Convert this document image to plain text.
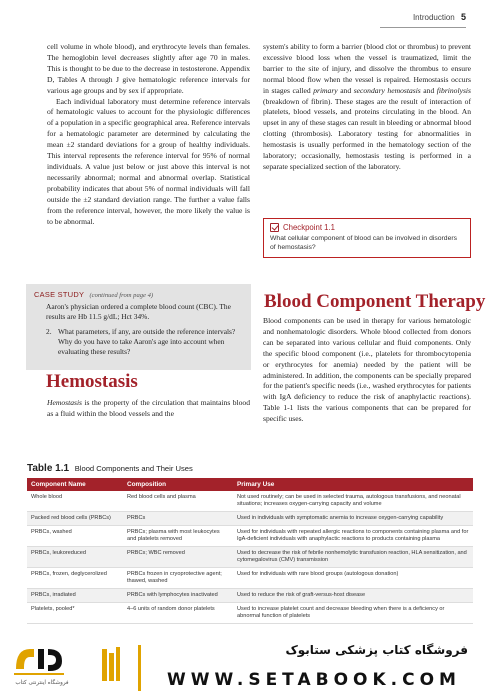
Introduction 5

cell volume in whole blood), and erythrocyte levels than females. The hemoglobin level decreases slightly after age 70 in males. This is thought to be due to the decrease in testosterone. Appendix D, Tables A through J give hematologic reference intervals for various age groups and by sex if appropriate.

Each individual laboratory must determine reference intervals of hematologic values to account for the physiologic differences of a population in a specific geographical area. Reference intervals for a hematologic parameter are determined by calculating the mean ±2 standard deviations for a group of healthy individuals. This interval represents the reference interval for 95% of normal individuals. A value just below or just above this interval is not necessarily abnormal; normal and abnormal overlap. Statistical probability indicates that about 5% of normal individuals will fall outside the ±2 standard deviation range. The further a value falls from the reference interval, however, the more likely the value is to be abnormal.

CASE STUDY (continued from page 4)

Aaron's physician ordered a complete blood count (CBC). The results are Hb 11.5 g/dL; Hct 34%.

2. What parameters, if any, are outside the reference intervals? Why do you have to take Aaron's age into account when evaluating these results?
Hemostasis

Hemostasis is the property of the circulation that maintains blood as a fluid within the blood vessels and the

system's ability to form a barrier (blood clot or thrombus) to prevent excessive blood loss when the vessel is traumatized, limit the barrier to the site of injury, and dissolve the thrombus to ensure normal blood flow when the vessel is repaired. Hemostasis occurs in stages called primary and secondary hemostasis and fibrinolysis (breakdown of fibrin). These stages are the result of interaction of platelets, blood vessels, and proteins circulating in the blood. An upset in any of these stages can result in bleeding or abnormal blood clotting (thrombosis). Laboratory testing for abnormalities in hemostasis is usually performed in the hematology section of the laboratory; occasionally, hemostasis testing is performed in a separate specialized section of the laboratory.

Checkpoint 1.1

What cellular component of blood can be involved in disorders of hemostasis?

Blood Component Therapy

Blood components can be used in therapy for various hematologic and nonhematologic disorders. Whole blood collected from donors can be separated into various cellular and fluid components. Only the specific blood component (i.e., platelets for thrombocytopenia or erythrocytes for anemia) needed by the patient will be administered. In addition, the components can be specially prepared for the patient's specific needs (i.e., washed erythrocytes for patients with IgA deficiency to reduce the risk of anaphylactic reactions). Table 1-1 lists the various components that can be prepared for specific uses.

Table 1.1 Blood Components and Their Uses
Component Name	Composition	Primary Use
Whole blood	Red blood cells and plasma	Not used routinely; can be used in selected trauma, autologous transfusions, and neonatal situations; increases oxygen-carrying capacity and volume
Packed red blood cells (PRBCs)	PRBCs	Used in individuals with symptomatic anemia to increase oxygen-carrying capability
PRBCs, washed	PRBCs; plasma with most leukocytes and platelets removed	Used for individuals with repeated allergic reactions to components containing plasma and for IgA-deficient individuals with anaphylactic reactions to products containing plasma
PRBCs, leukoreduced	PRBCs; WBC removed	Used to decrease the risk of febrile nonhemolytic transfusion reaction, HLA sensitization, and cytomegalovirus (CMV) transmission
PRBCs, frozen, deglycerolized	PRBCs frozen in cryoprotective agent; thawed, washed	Used for individuals with rare blood groups (autologous donation)
PRBCs, irradiated	PRBCs with lymphocytes inactivated	Used to reduce the risk of graft-versus-host disease
Platelets, pooled*	4–6 units of random donor platelets	Used to increase platelet count and decrease bleeding when there is a deficiency or abnormal function of platelets
فروشگاه اینترنتی کتاب
فروشگاه کتاب پزشکی ستابوک
WWW.SETABOOK.COM
